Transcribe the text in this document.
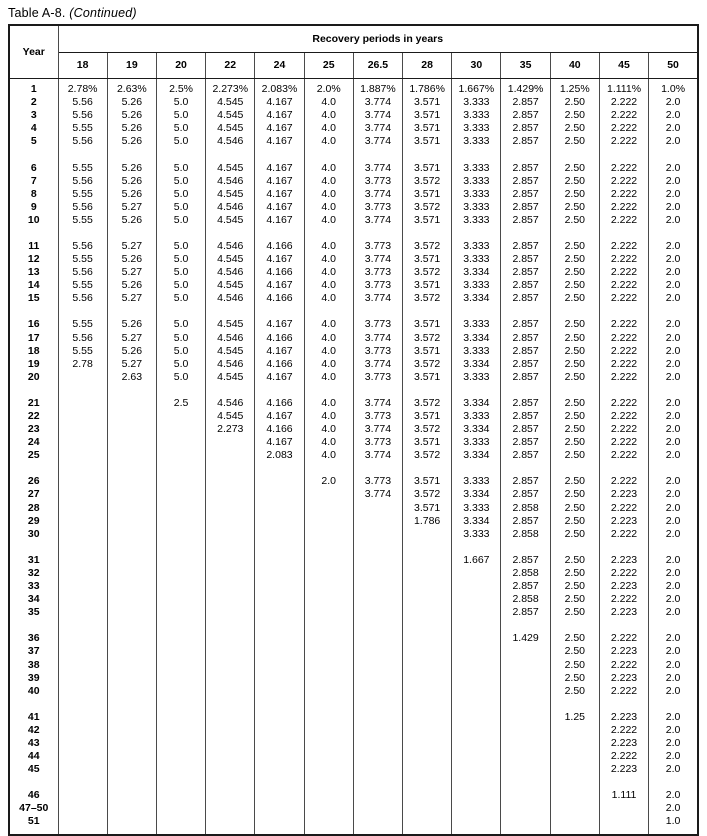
Table A-8. (Continued)
Year	Recovery periods in years												
	18	19	20	22	24	25	26.5	28	30	35	40	45	50
1	2.78%	2.63%	2.5%	2.273%	2.083%	2.0%	1.887%	1.786%	1.667%	1.429%	1.25%	1.111%	1.0%
2	5.56	5.26	5.0	4.545	4.167	4.0	3.774	3.571	3.333	2.857	2.50	2.222	2.0
3	5.56	5.26	5.0	4.545	4.167	4.0	3.774	3.571	3.333	2.857	2.50	2.222	2.0
4	5.55	5.26	5.0	4.545	4.167	4.0	3.774	3.571	3.333	2.857	2.50	2.222	2.0
5	5.56	5.26	5.0	4.546	4.167	4.0	3.774	3.571	3.333	2.857	2.50	2.222	2.0

6	5.55	5.26	5.0	4.545	4.167	4.0	3.774	3.571	3.333	2.857	2.50	2.222	2.0
7	5.56	5.26	5.0	4.546	4.167	4.0	3.773	3.572	3.333	2.857	2.50	2.222	2.0
8	5.55	5.26	5.0	4.545	4.167	4.0	3.774	3.571	3.333	2.857	2.50	2.222	2.0
9	5.56	5.27	5.0	4.546	4.167	4.0	3.773	3.572	3.333	2.857	2.50	2.222	2.0
10	5.55	5.26	5.0	4.545	4.167	4.0	3.774	3.571	3.333	2.857	2.50	2.222	2.0

11	5.56	5.27	5.0	4.546	4.166	4.0	3.773	3.572	3.333	2.857	2.50	2.222	2.0
12	5.55	5.26	5.0	4.545	4.167	4.0	3.774	3.571	3.333	2.857	2.50	2.222	2.0
13	5.56	5.27	5.0	4.546	4.166	4.0	3.773	3.572	3.334	2.857	2.50	2.222	2.0
14	5.55	5.26	5.0	4.545	4.167	4.0	3.773	3.571	3.333	2.857	2.50	2.222	2.0
15	5.56	5.27	5.0	4.546	4.166	4.0	3.774	3.572	3.334	2.857	2.50	2.222	2.0

16	5.55	5.26	5.0	4.545	4.167	4.0	3.773	3.571	3.333	2.857	2.50	2.222	2.0
17	5.56	5.27	5.0	4.546	4.166	4.0	3.774	3.572	3.334	2.857	2.50	2.222	2.0
18	5.55	5.26	5.0	4.545	4.167	4.0	3.773	3.571	3.333	2.857	2.50	2.222	2.0
19	2.78	5.27	5.0	4.546	4.166	4.0	3.774	3.572	3.334	2.857	2.50	2.222	2.0
20		2.63	5.0	4.545	4.167	4.0	3.773	3.571	3.333	2.857	2.50	2.222	2.0

21			2.5	4.546	4.166	4.0	3.774	3.572	3.334	2.857	2.50	2.222	2.0
22				4.545	4.167	4.0	3.773	3.571	3.333	2.857	2.50	2.222	2.0
23				2.273	4.166	4.0	3.774	3.572	3.334	2.857	2.50	2.222	2.0
24					4.167	4.0	3.773	3.571	3.333	2.857	2.50	2.222	2.0
25					2.083	4.0	3.774	3.572	3.334	2.857	2.50	2.222	2.0

26						2.0	3.773	3.571	3.333	2.857	2.50	2.222	2.0
27							3.774	3.572	3.334	2.857	2.50	2.223	2.0
28								3.571	3.333	2.858	2.50	2.222	2.0
29								1.786	3.334	2.857	2.50	2.223	2.0
30									3.333	2.858	2.50	2.222	2.0

31									1.667	2.857	2.50	2.223	2.0
32										2.858	2.50	2.222	2.0
33										2.857	2.50	2.223	2.0
34										2.858	2.50	2.222	2.0
35										2.857	2.50	2.223	2.0

36										1.429	2.50	2.222	2.0
37											2.50	2.223	2.0
38											2.50	2.222	2.0
39											2.50	2.223	2.0
40											2.50	2.222	2.0

41											1.25	2.223	2.0
42												2.222	2.0
43												2.223	2.0
44												2.222	2.0
45												2.223	2.0

46												1.111	2.0
47–50													2.0
51													1.0
